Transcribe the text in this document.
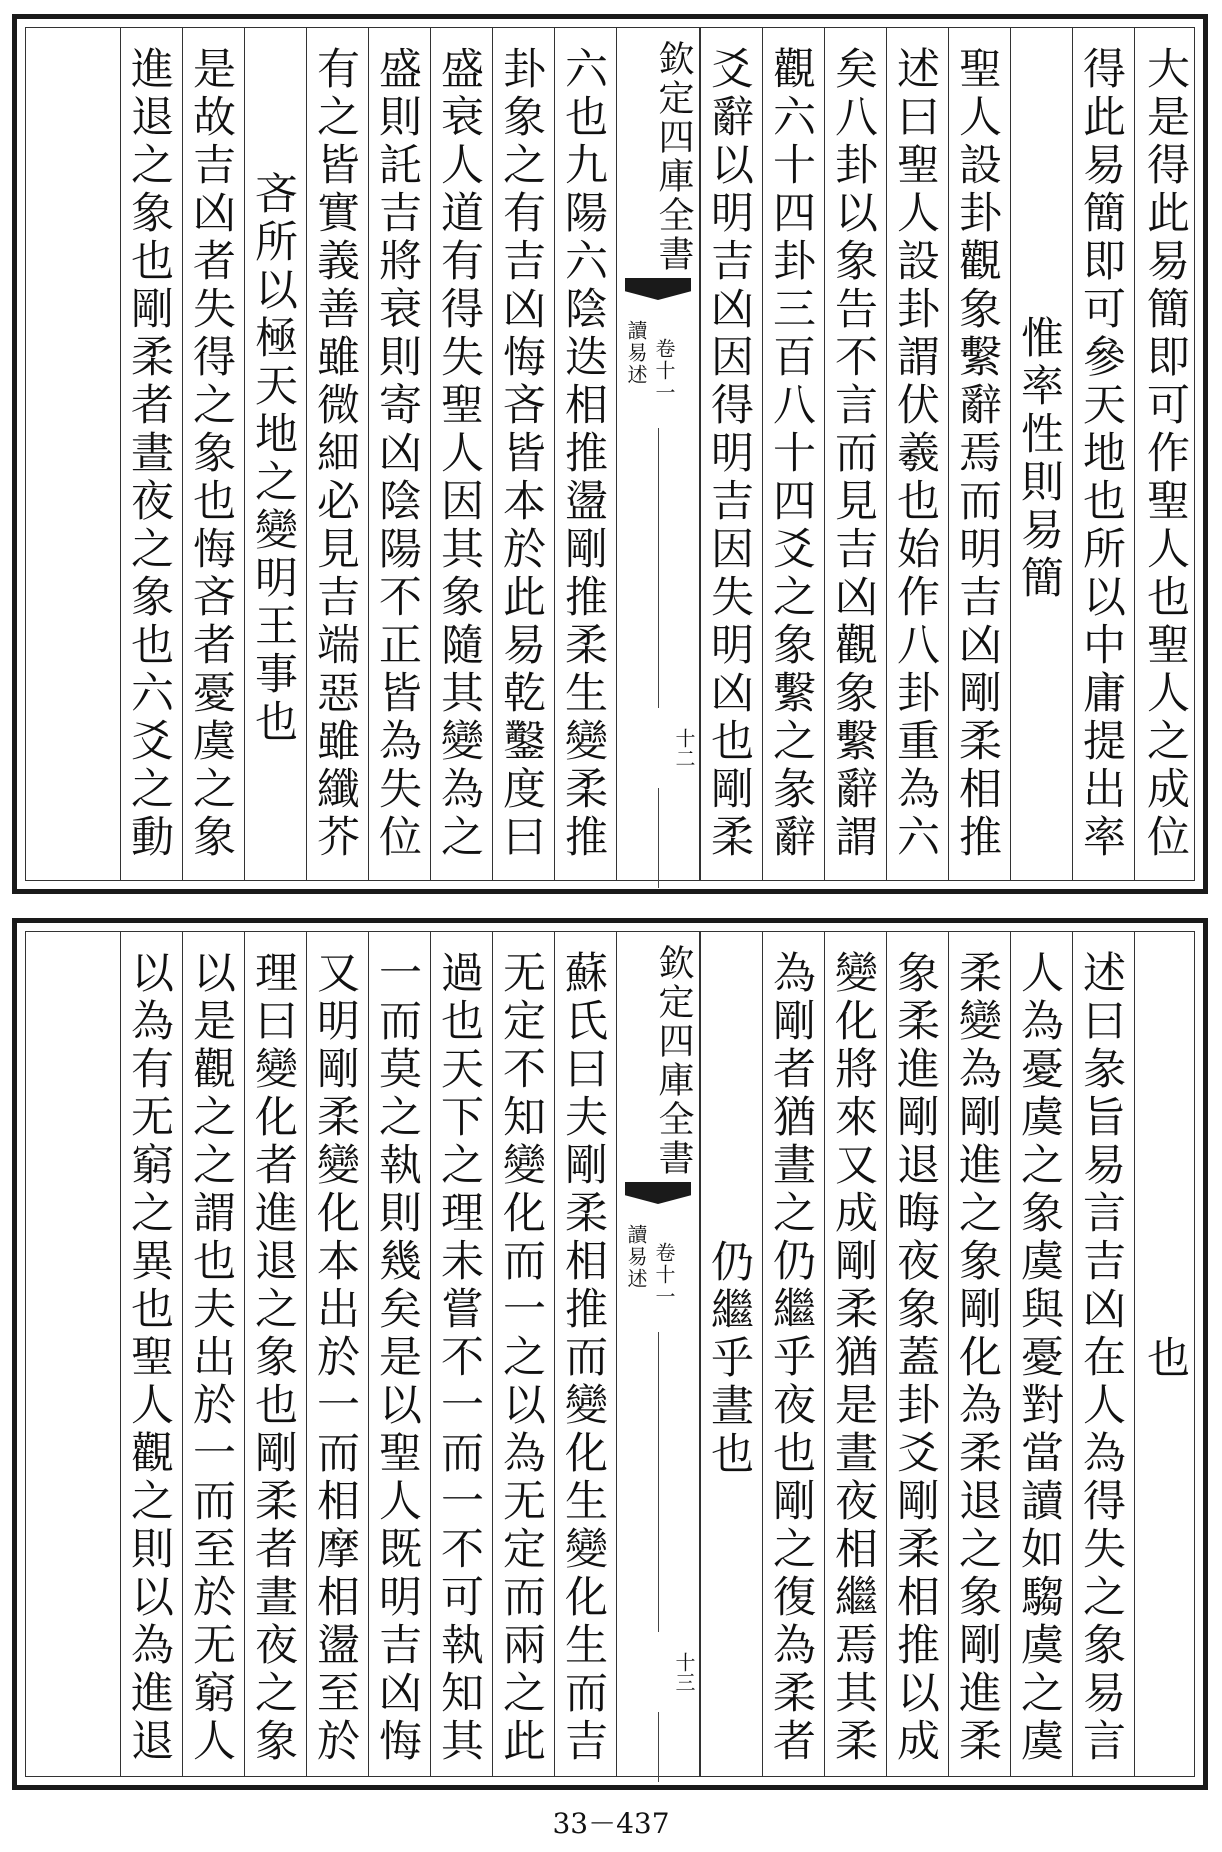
大是得此易簡即可作聖人也聖人之成位
得此易簡即可參天地也所以中庸提出率
惟率性則易簡
聖人設卦觀象繫辭焉而明吉凶剛柔相推
述曰聖人設卦謂伏羲也始作八卦重為六
矣八卦以象告不言而見吉凶觀象繫辭謂
觀六十四卦三百八十四爻之象繫之彖辭
爻辭以明吉凶因得明吉因失明凶也剛柔
欽定四庫全書
讀易述 卷十一
十二
六也九陽六陰迭相推盪剛推柔生變柔推
卦象之有吉凶悔吝皆本於此易乾鑿度曰
盛衰人道有得失聖人因其象隨其變為之
盛則託吉將衰則寄凶陰陽不正皆為失位
有之皆實義善雖微細必見吉端惡雖纖芥
吝所以極天地之變明王事也
是故吉凶者失得之象也悔吝者憂虞之象
進退之象也剛柔者晝夜之象也六爻之動
也
述曰彖旨易言吉凶在人為得失之象易言
人為憂虞之象虞與憂對當讀如騶虞之虞
柔變為剛進之象剛化為柔退之象剛進柔
象柔進剛退晦夜象蓋卦爻剛柔相推以成
變化將來又成剛柔猶是晝夜相繼焉其柔
為剛者猶晝之仍繼乎夜也剛之復為柔者
仍繼乎晝也
欽定四庫全書
讀易述 卷十一
十三
蘇氏曰夫剛柔相推而變化生變化生而吉
无定不知變化而一之以為无定而兩之此
過也天下之理未嘗不一而一不可執知其
一而莫之執則幾矣是以聖人既明吉凶悔
又明剛柔變化本出於一而相摩相盪至於
理曰變化者進退之象也剛柔者晝夜之象
以是觀之之謂也夫出於一而至於无窮人
以為有无窮之異也聖人觀之則以為進退
33－437
